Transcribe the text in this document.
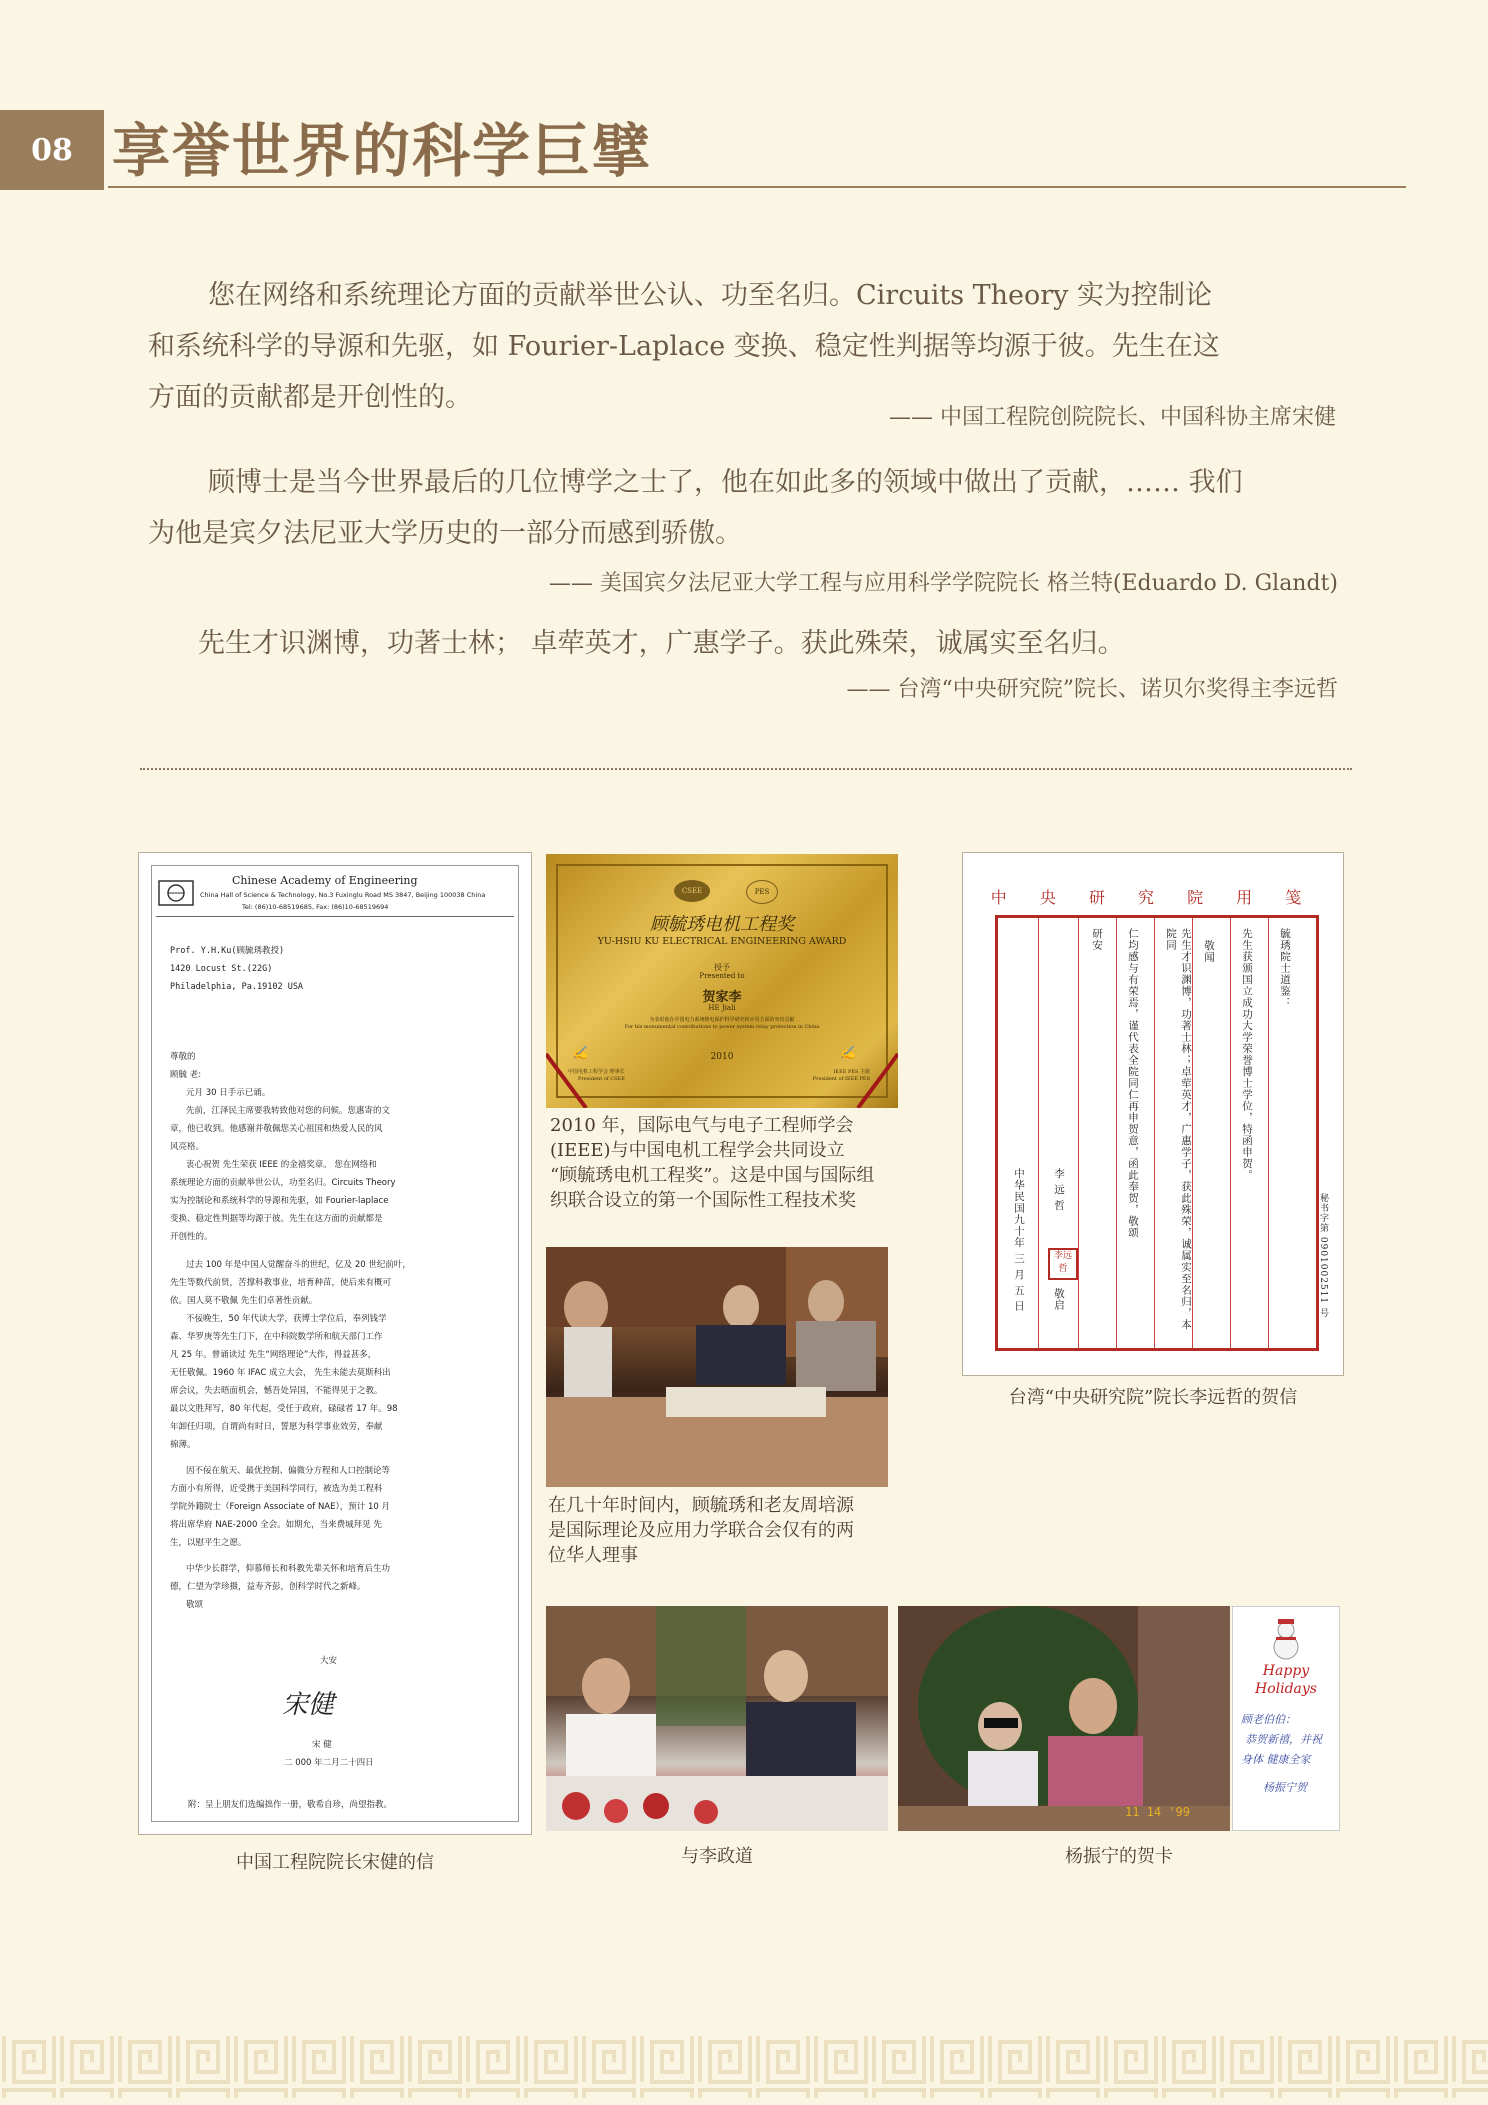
08 享誉世界的科学巨擘
您在网络和系统理论方面的贡献举世公认、功至名归。Circuits Theory 实为控制论
和系统科学的导源和先驱，如 Fourier-Laplace 变换、稳定性判据等均源于彼。先生在这
方面的贡献都是开创性的。
—— 中国工程院创院院长、中国科协主席宋健
顾博士是当今世界最后的几位博学之士了，他在如此多的领域中做出了贡献，…… 我们
为他是宾夕法尼亚大学历史的一部分而感到骄傲。
—— 美国宾夕法尼亚大学工程与应用科学学院院长 格兰特(Eduardo D. Glandt)
先生才识渊博，功著士林； 卓荦英才，广惠学子。获此殊荣，诚属实至名归。
—— 台湾“中央研究院”院长、诺贝尔奖得主李远哲
Chinese Academy of Engineering
China Hall of Science & Technology, No.3 Fuxinglu Road MS 3847, Beijing 100038 China
Tel: (86)10-68519685, Fax: (86)10-68519694
Prof. Y.H.Ku(顾毓琇教授)
1420 Locust St.(22G)
Philadelphia, Pa.19102 USA
尊敬的
顾毓 老:
元月 30 日手示已诵。
先前，江泽民主席要我转致他对您的问候。您惠寄的文
章，他已收到。他感谢并敬佩您关心祖国和热爱人民的风
风亮格。
衷心祝贺 先生荣获 IEEE 的金禧奖章。 您在网络和
系统理论方面的贡献举世公认，功至名归。Circuits Theory
实为控制论和系统科学的导源和先驱，如 Fourier-laplace
变换、稳定性判据等均源于彼。先生在这方面的贡献都是
开创性的。
过去 100 年是中国人觉醒奋斗的世纪，亿及 20 世纪前叶，
先生等数代前贤，苦撑科教事业，培育种苗，使后来有概可
依。国人莫不敬佩 先生们卓著性贡献。
不佞晚生，50 年代读大学，获博士学位后，奉列钱学
森、华罗庚等先生门下，在中科院数学所和航天部门工作
凡 25 年。曾诵读过 先生“网络理论”大作，得益甚多，
无任敬佩。1960 年 IFAC 成立大会， 先生未能去莫斯科出
席会议，失去晤面机会，憾吾处异国，不能得见于之教。
最以文胜拜写，80 年代起，受任于政府，碌碌者 17 年。98
年卸任归项，自谓尚有时日，誓愿为科学事业效劳，奉献
棉薄。
因不佞在航天、最优控制、偏微分方程和人口控制论等
方面小有所得，近受携于美国科学同行，被选为美工程科
学院外籍院士（Foreign Associate of NAE），预计 10 月
将出席华府 NAE-2000 全会。如期允，当来费城拜见 先
生，以慰平生之愿。
中华少长群学，仰慕师长和科教先辈关怀和培育后生功
德，仁望为学珍摄，益寿齐彭，创科学时代之新峰。
敬颂
大安
宋健
宋 健
二 000 年二月二十四日
附：呈上朋友们选编拙作一册，敬希自珍，尚望指教。
中国工程院院长宋健的信
CSEE	PES
顾毓琇电机工程奖
YU-HSIU KU ELECTRICAL ENGINEERING AWARD
授予
Presented to
贺家李
HE Jiali
为表彰他在中国电力系统继电保护科学研究和应用方面的突出贡献
For his monumental contributions to power system relay protection in China
2010
✍
中国电机工程学会 理事长
President of CSEE
✍
IEEE PES 主席
President of IEEE PES
2010 年，国际电气与电子工程师学会
(IEEE)与中国电机工程学会共同设立
“顾毓琇电机工程奖”。这是中国与国际组
织联合设立的第一个国际性工程技术奖
在几十年时间内，顾毓琇和老友周培源
是国际理论及应用力学联合会仅有的两
位华人理事
中 央 研 究 院 用 笺
毓琇院士道鉴：
先生获颁国立成功大学荣誉博士学位，特函申贺。
敬闻
先生才识渊博，功著士林；卓荦英才，广惠学子，获此殊荣，诚属实至名归，本院同
仁均感与有荣焉，谨代表全院同仁再申贺意，函此奉贺，敬颂
研安
李 远 哲
敬启
中华民国九十年 三 月 五 日	李远哲	秘书字第 0901002511 号
台湾“中央研究院”院长李远哲的贺信
与李政道
11 14 '99
Happy
Holidays
顾老伯伯：
恭贺新禧，并祝
身体 健康全家
杨振宁贺
杨振宁的贺卡
